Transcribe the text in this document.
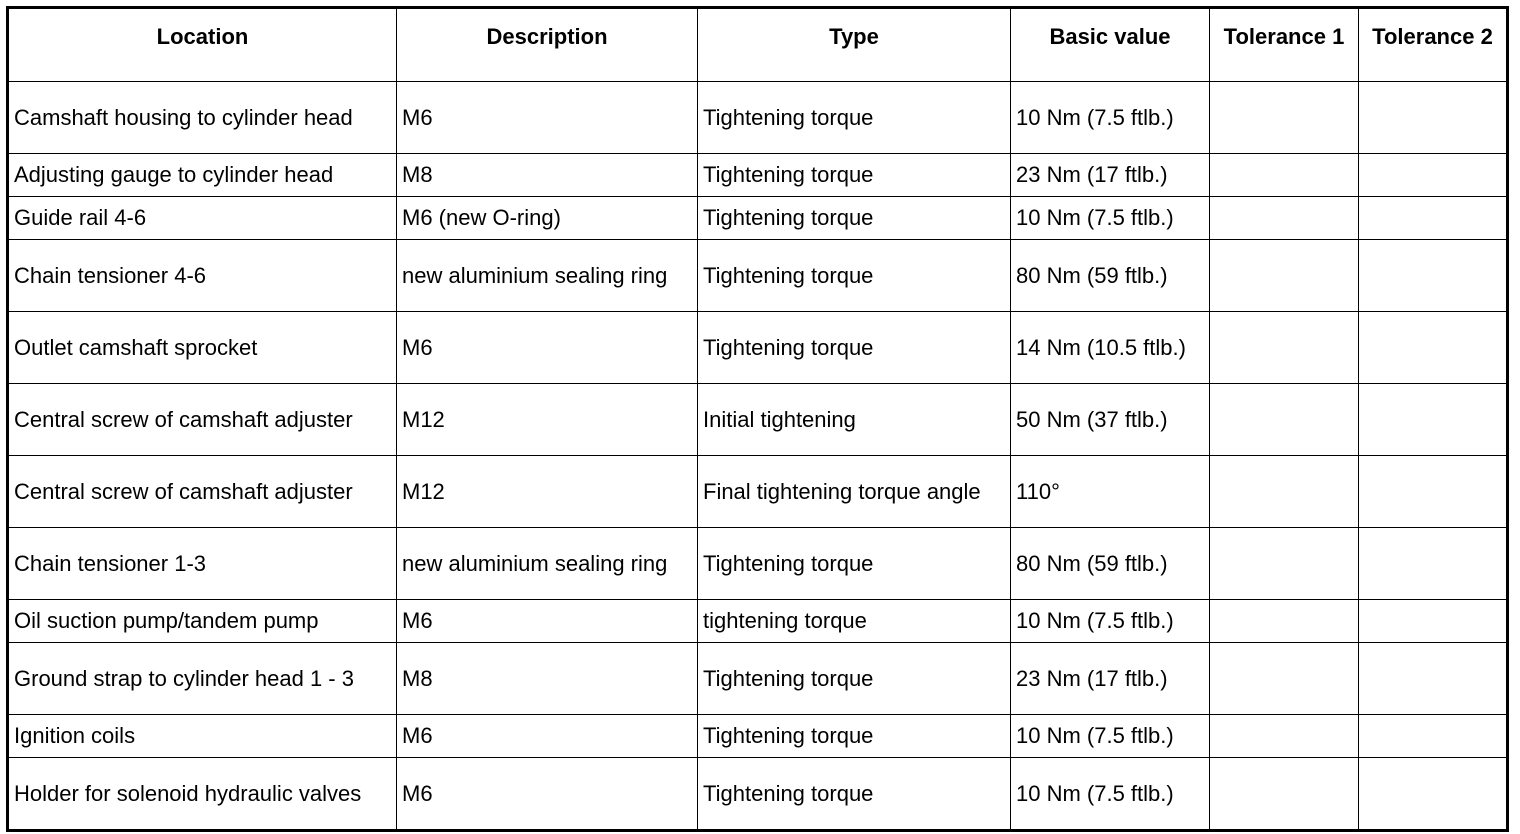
Location	Description	Type	Basic value	Tolerance 1	Tolerance 2
Camshaft housing to cylinder head	M6	Tightening torque	10 Nm (7.5 ftlb.)		
Adjusting gauge to cylinder head	M8	Tightening torque	23 Nm (17 ftlb.)		
Guide rail 4-6	M6 (new O-ring)	Tightening torque	10 Nm (7.5 ftlb.)		
Chain tensioner 4-6	new aluminium sealing ring	Tightening torque	80 Nm (59 ftlb.)		
Outlet camshaft sprocket	M6	Tightening torque	14 Nm (10.5 ftlb.)		
Central screw of camshaft adjuster	M12	Initial tightening	50 Nm (37 ftlb.)		
Central screw of camshaft adjuster	M12	Final tightening torque angle	110°		
Chain tensioner 1-3	new aluminium sealing ring	Tightening torque	80 Nm (59 ftlb.)		
Oil suction pump/tandem pump	M6	tightening torque	10 Nm (7.5 ftlb.)		
Ground strap to cylinder head 1 - 3	M8	Tightening torque	23 Nm (17 ftlb.)		
Ignition coils	M6	Tightening torque	10 Nm (7.5 ftlb.)		
Holder for solenoid hydraulic valves	M6	Tightening torque	10 Nm (7.5 ftlb.)		
